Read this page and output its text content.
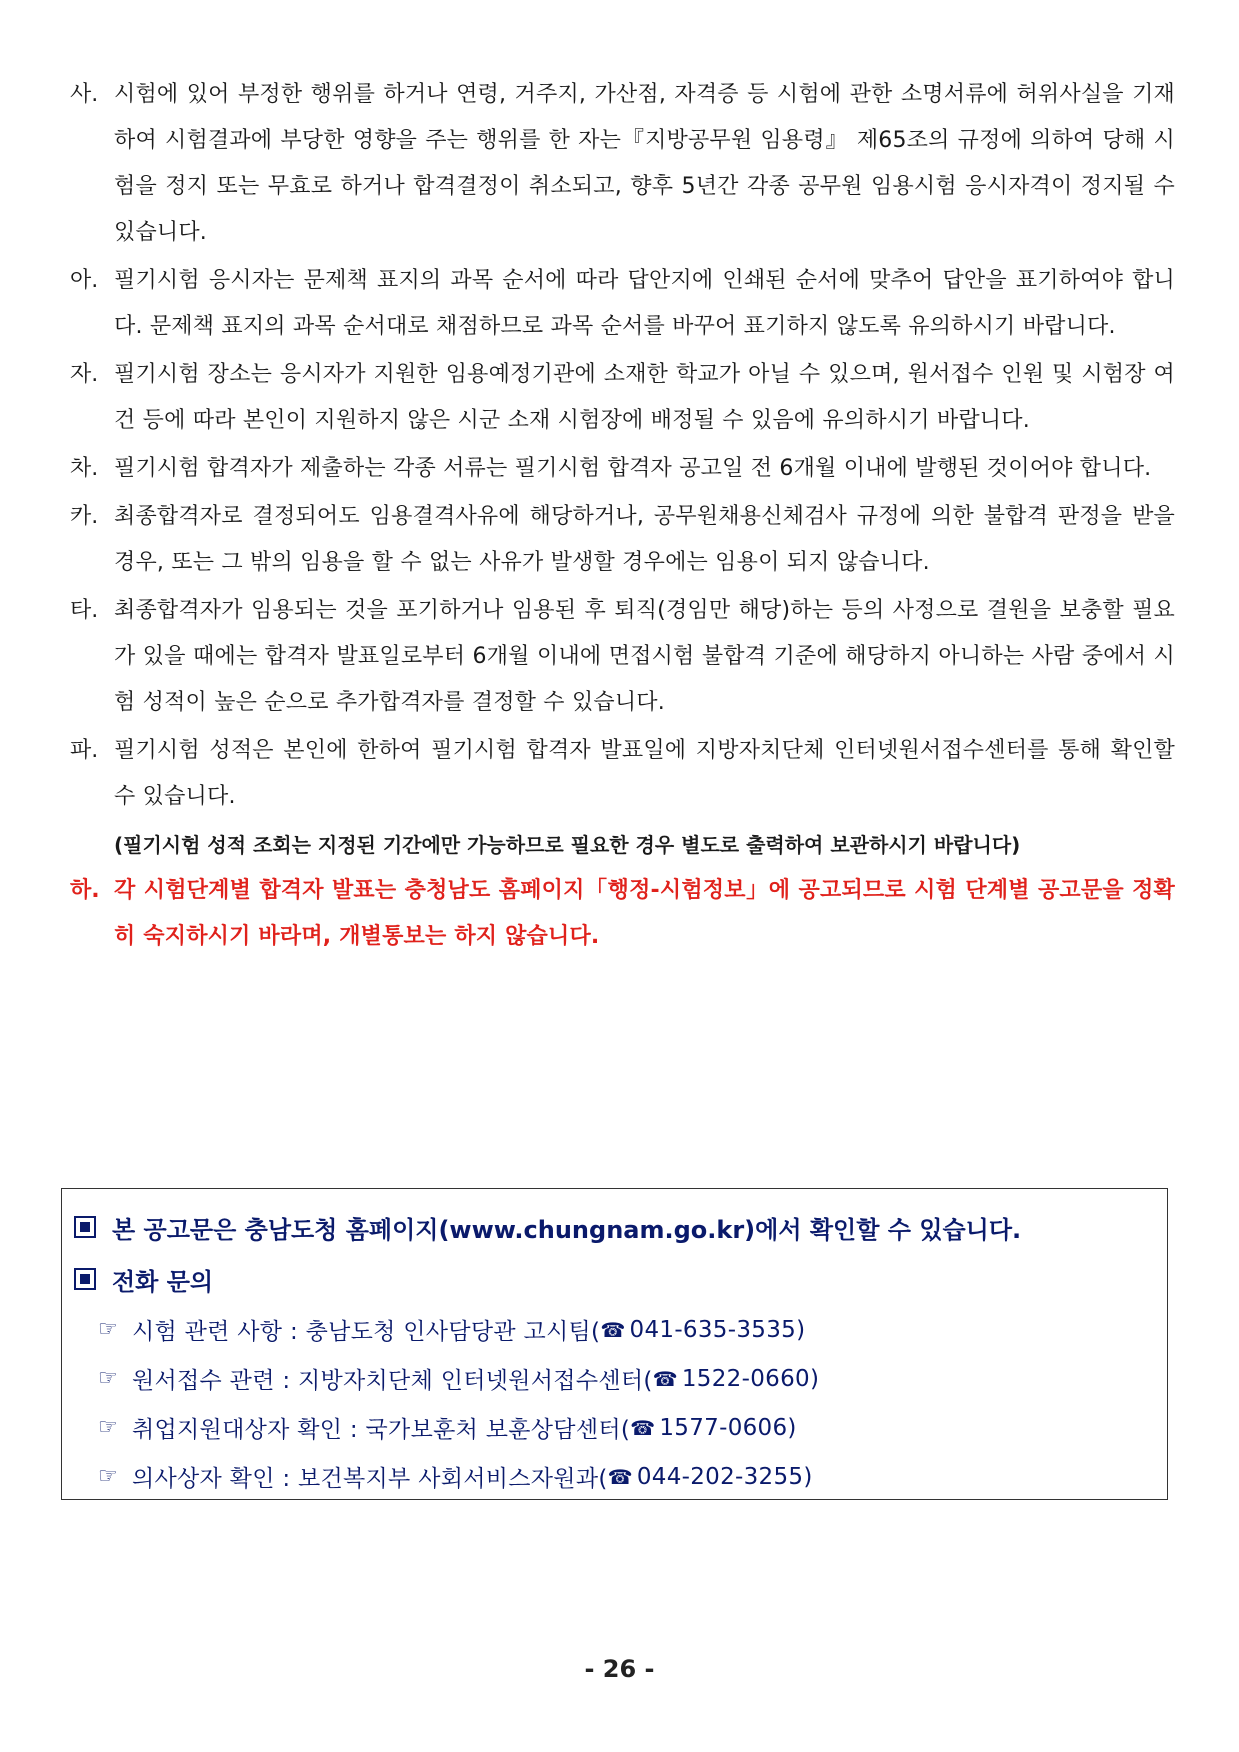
사. 시험에 있어 부정한 행위를 하거나 연령, 거주지, 가산점, 자격증 등 시험에 관한 소명서류에 허위사실을 기재하여 시험결과에 부당한 영향을 주는 행위를 한 자는『지방공무원 임용령』 제65조의 규정에 의하여 당해 시험을 정지 또는 무효로 하거나 합격결정이 취소되고, 향후 5년간 각종 공무원 임용시험 응시자격이 정지될 수 있습니다.
아. 필기시험 응시자는 문제책 표지의 과목 순서에 따라 답안지에 인쇄된 순서에 맞추어 답안을 표기하여야 합니다. 문제책 표지의 과목 순서대로 채점하므로 과목 순서를 바꾸어 표기하지 않도록 유의하시기 바랍니다.
자. 필기시험 장소는 응시자가 지원한 임용예정기관에 소재한 학교가 아닐 수 있으며, 원서접수 인원 및 시험장 여건 등에 따라 본인이 지원하지 않은 시군 소재 시험장에 배정될 수 있음에 유의하시기 바랍니다.
차. 필기시험 합격자가 제출하는 각종 서류는 필기시험 합격자 공고일 전 6개월 이내에 발행된 것이어야 합니다.
카. 최종합격자로 결정되어도 임용결격사유에 해당하거나, 공무원채용신체검사 규정에 의한 불합격 판정을 받을 경우, 또는 그 밖의 임용을 할 수 없는 사유가 발생할 경우에는 임용이 되지 않습니다.
타. 최종합격자가 임용되는 것을 포기하거나 임용된 후 퇴직(경임만 해당)하는 등의 사정으로 결원을 보충할 필요가 있을 때에는 합격자 발표일로부터 6개월 이내에 면접시험 불합격 기준에 해당하지 아니하는 사람 중에서 시험 성적이 높은 순으로 추가합격자를 결정할 수 있습니다.
파. 필기시험 성적은 본인에 한하여 필기시험 합격자 발표일에 지방자치단체 인터넷원서접수센터를 통해 확인할 수 있습니다.
(필기시험 성적 조회는 지정된 기간에만 가능하므로 필요한 경우 별도로 출력하여 보관하시기 바랍니다)
하. 각 시험단계별 합격자 발표는 충청남도 홈페이지「행정-시험정보」에 공고되므로 시험 단계별 공고문을 정확히 숙지하시기 바라며, 개별통보는 하지 않습니다.
본 공고문은 충남도청 홈페이지(www.chungnam.go.kr)에서 확인할 수 있습니다.
전화 문의
☞ 시험 관련 사항 : 충남도청 인사담당관 고시팀( ☎ 041-635-3535)
☞ 원서접수 관련 : 지방자치단체 인터넷원서접수센터( ☎ 1522-0660)
☞ 취업지원대상자 확인 : 국가보훈처 보훈상담센터( ☎ 1577-0606)
☞ 의사상자 확인 : 보건복지부 사회서비스자원과( ☎ 044-202-3255)
- 26 -
